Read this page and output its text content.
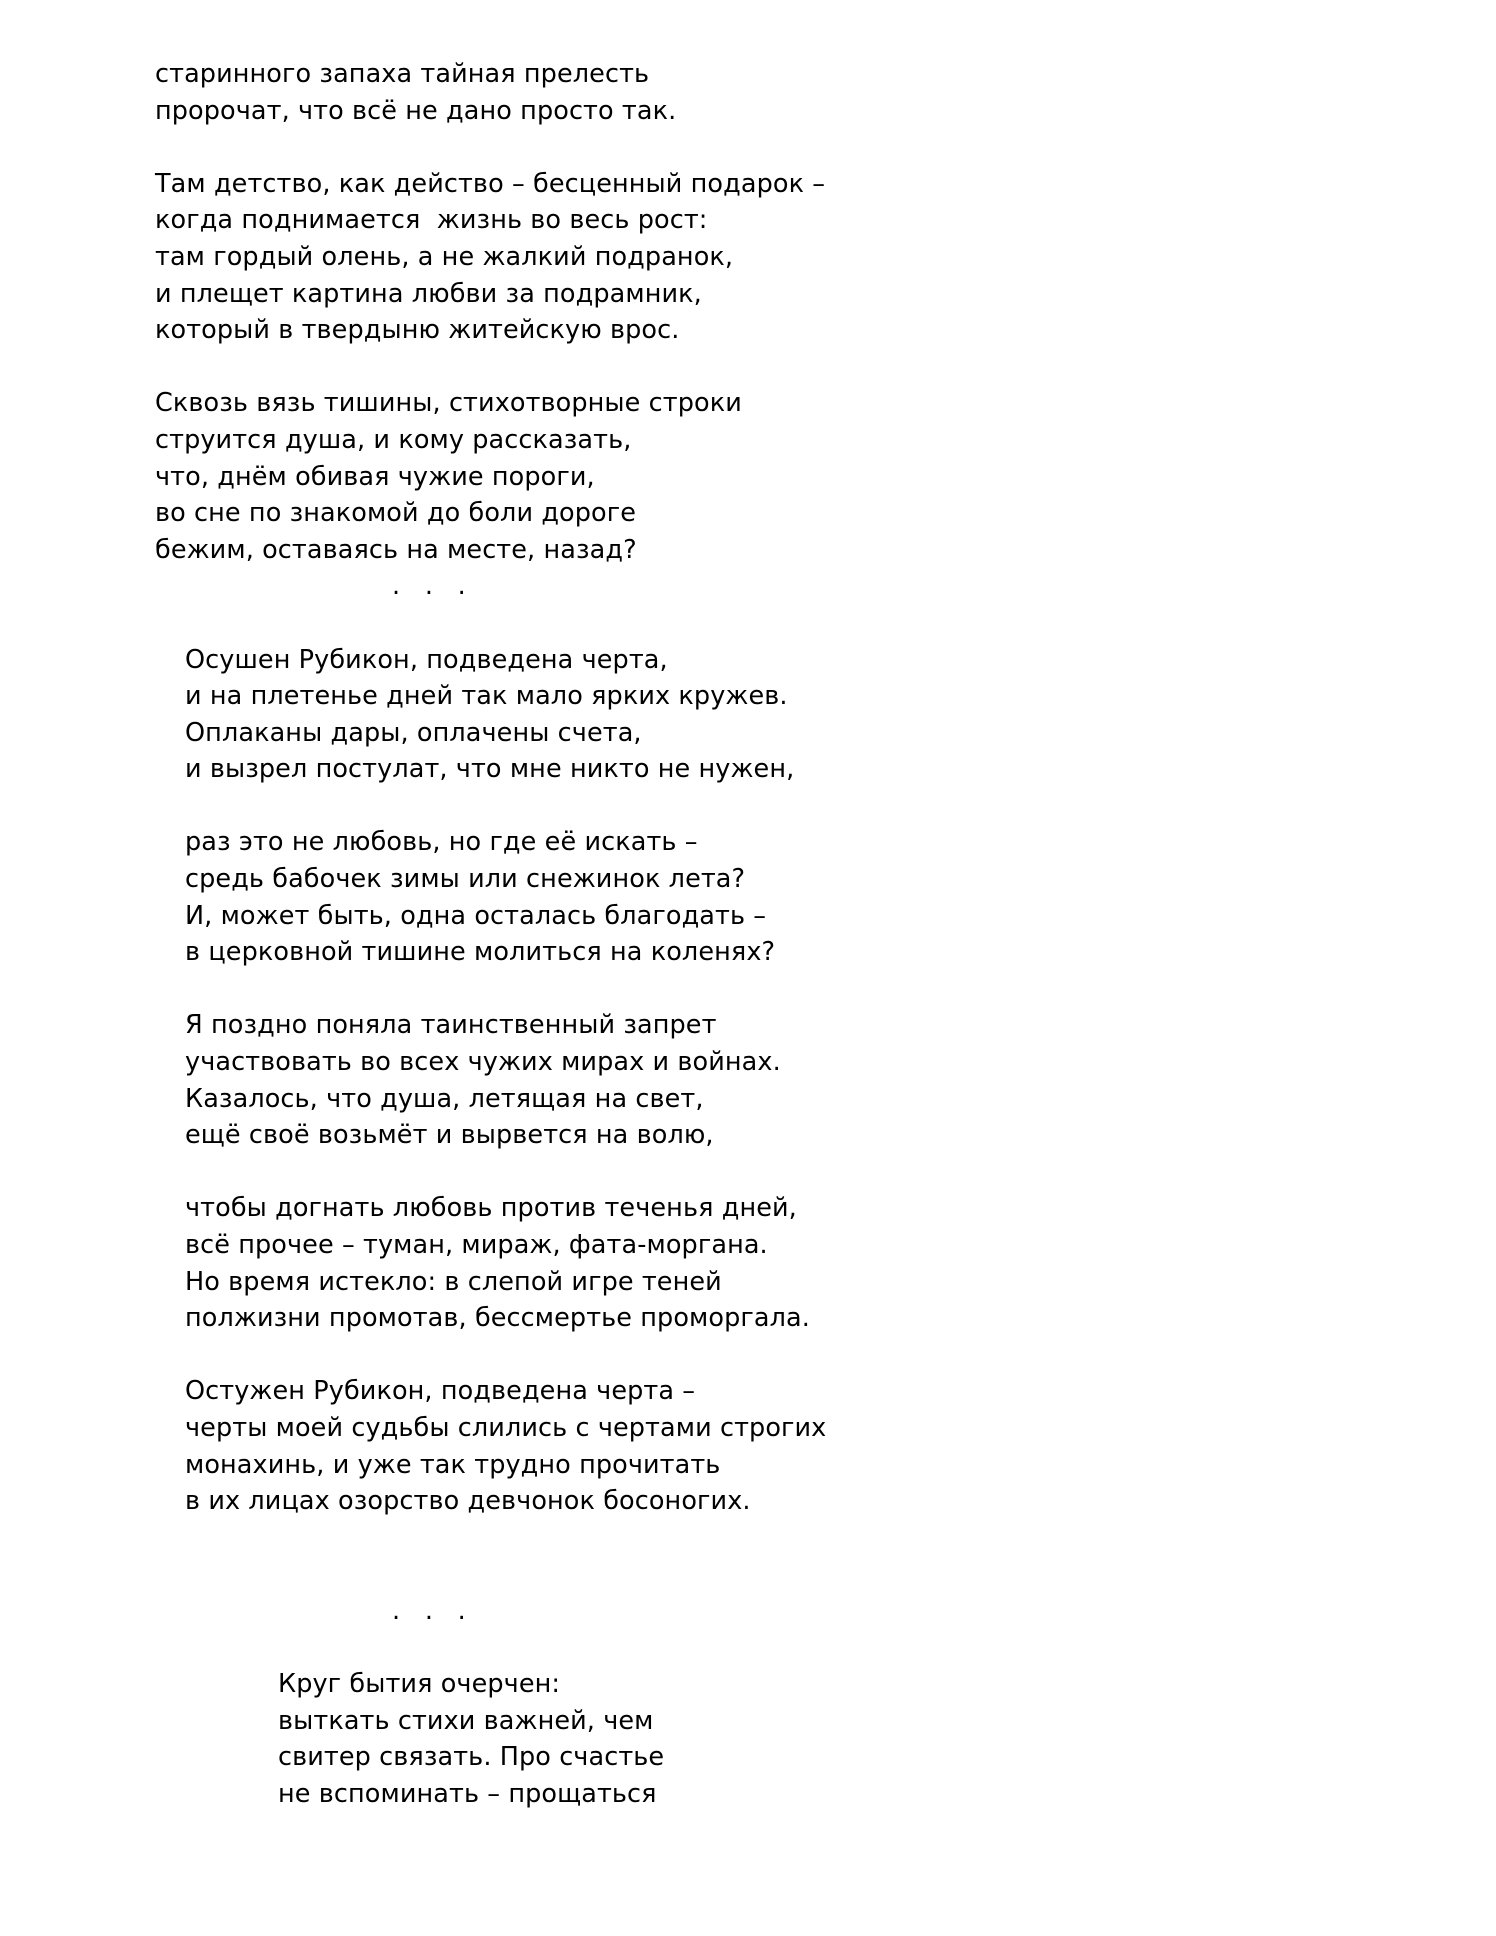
старинного запаха тайная прелесть
пророчат, что всё не дано просто так.
Там детство, как действо – бесценный подарок –
когда поднимается  жизнь во весь рост:
там гордый олень, а не жалкий подранок,
и плещет картина любви за подрамник,
который в твердыню житейскую врос.
Сквозь вязь тишины, стихотворные строки
струится душа, и кому рассказать,
что, днём обивая чужие пороги,
во сне по знакомой до боли дороге
бежим, оставаясь на месте, назад?
.   .   .
Осушен Рубикон, подведена черта,
и на плетенье дней так мало ярких кружев.
Оплаканы дары, оплачены счета,
и вызрел постулат, что мне никто не нужен,
раз это не любовь, но где её искать –
средь бабочек зимы или снежинок лета?
И, может быть, одна осталась благодать –
в церковной тишине молиться на коленях?
Я поздно поняла таинственный запрет
участвовать во всех чужих мирах и войнах.
Казалось, что душа, летящая на свет,
ещё своё возьмёт и вырвется на волю,
чтобы догнать любовь против теченья дней,
всё прочее – туман, мираж, фата-моргана.
Но время истекло: в слепой игре теней
полжизни промотав, бессмертье проморгала.
Остужен Рубикон, подведена черта –
черты моей судьбы слились с чертами строгих
монахинь, и уже так трудно прочитать
в их лицах озорство девчонок босоногих.
.   .   .
Круг бытия очерчен:
выткать стихи важней, чем
свитер связать. Про счастье
не вспоминать – прощаться
